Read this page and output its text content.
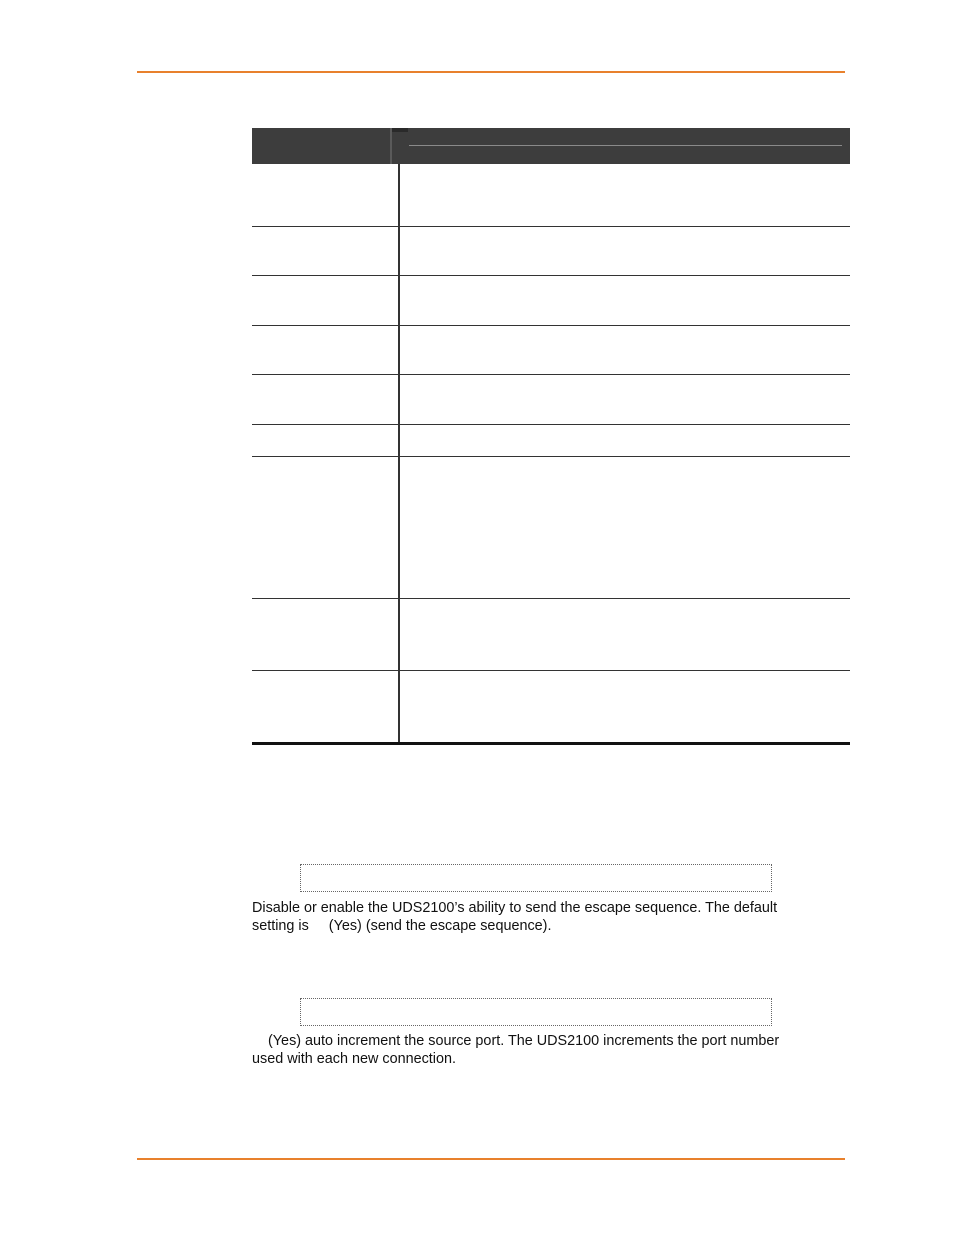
Disable or enable the UDS2100’s ability to send the escape sequence. The default
setting is     (Yes) (send the escape sequence).
(Yes) auto increment the source port. The UDS2100 increments the port number
used with each new connection.
